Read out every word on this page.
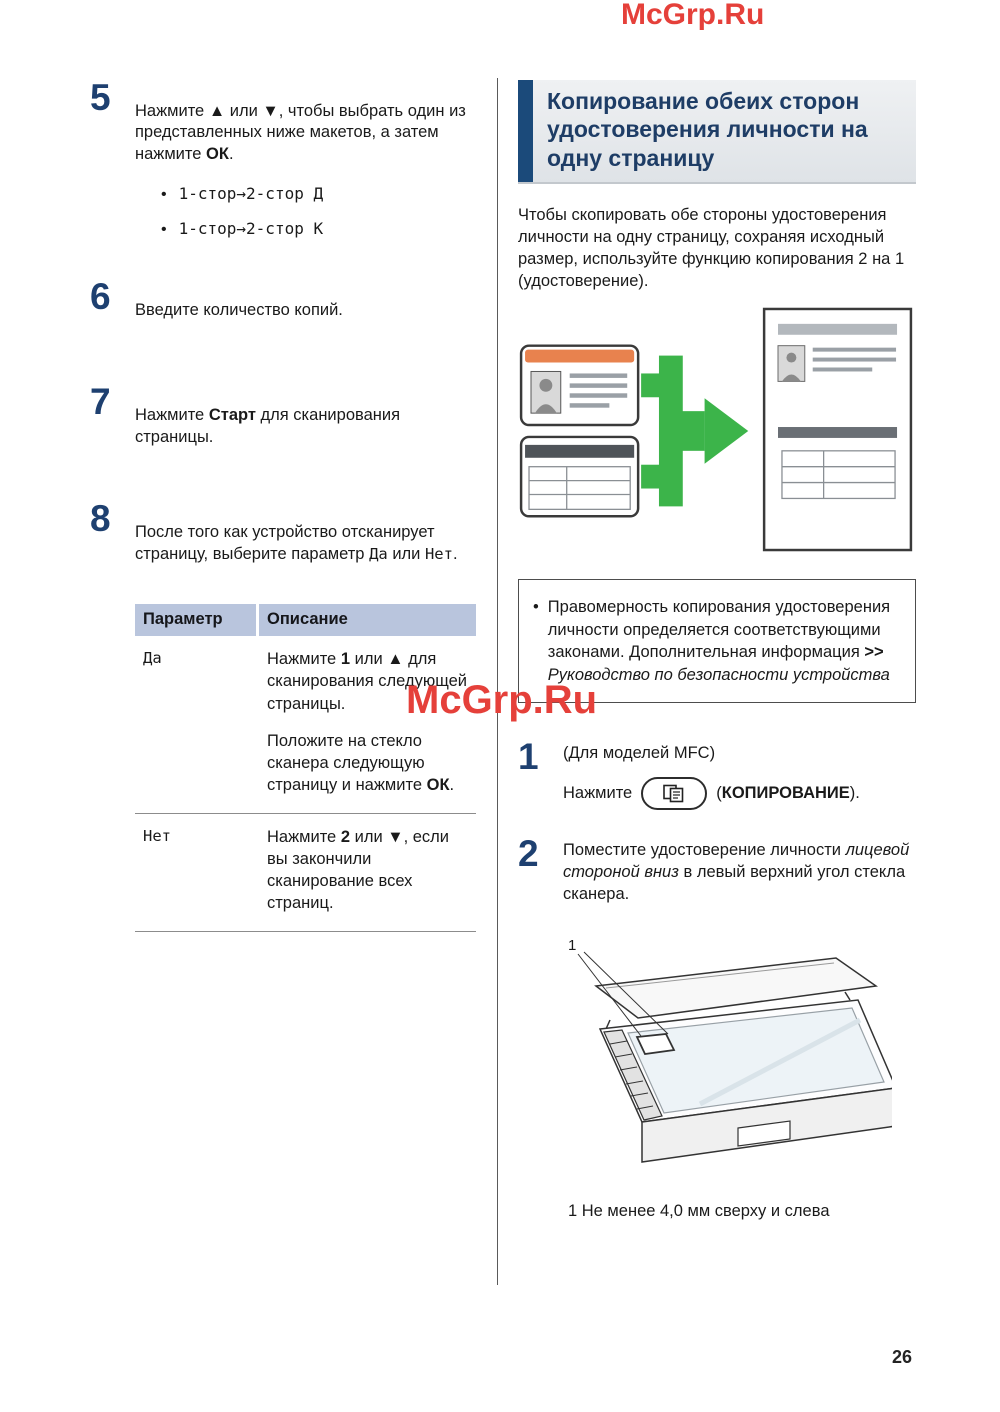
McGrp.Ru
McGrp.Ru
5	Нажмите ▲ или ▼, чтобы выбрать один из представленных ниже макетов, а затем нажмите ОК.

• 1-стор→2-стор Д
• 1-стор→2-стор К
6	Введите количество копий.

7	Нажмите Старт для сканирования страницы.

8	После того как устройство отсканирует страницу, выберите параметр Да или Нет.

Параметр	Описание
Да	Нажмите 1 или ▲ для сканирования следующей страницы.

Положите на стекло сканера следующую страницу и нажмите ОК.

Нет	Нажмите 2 или ▼, если вы закончили сканирование всех страниц.

Копирование обеих сторон удостоверения личности на одну страницу

Чтобы скопировать обе стороны удостоверения личности на одну страницу, сохраняя исходный размер, используйте функцию копирования 2 на 1 (удостоверение).

• Правомерность копирования удостоверения личности определяется соответствующими законами. Дополнительная информация >> Руководство по безопасности устройства

1	(Для моделей MFC)

Нажмите	(КОПИРОВАНИЕ).
2	Поместите удостоверение личности лицевой стороной вниз в левый верхний угол стекла сканера.

1

1 Не менее 4,0 мм сверху и слева

26
